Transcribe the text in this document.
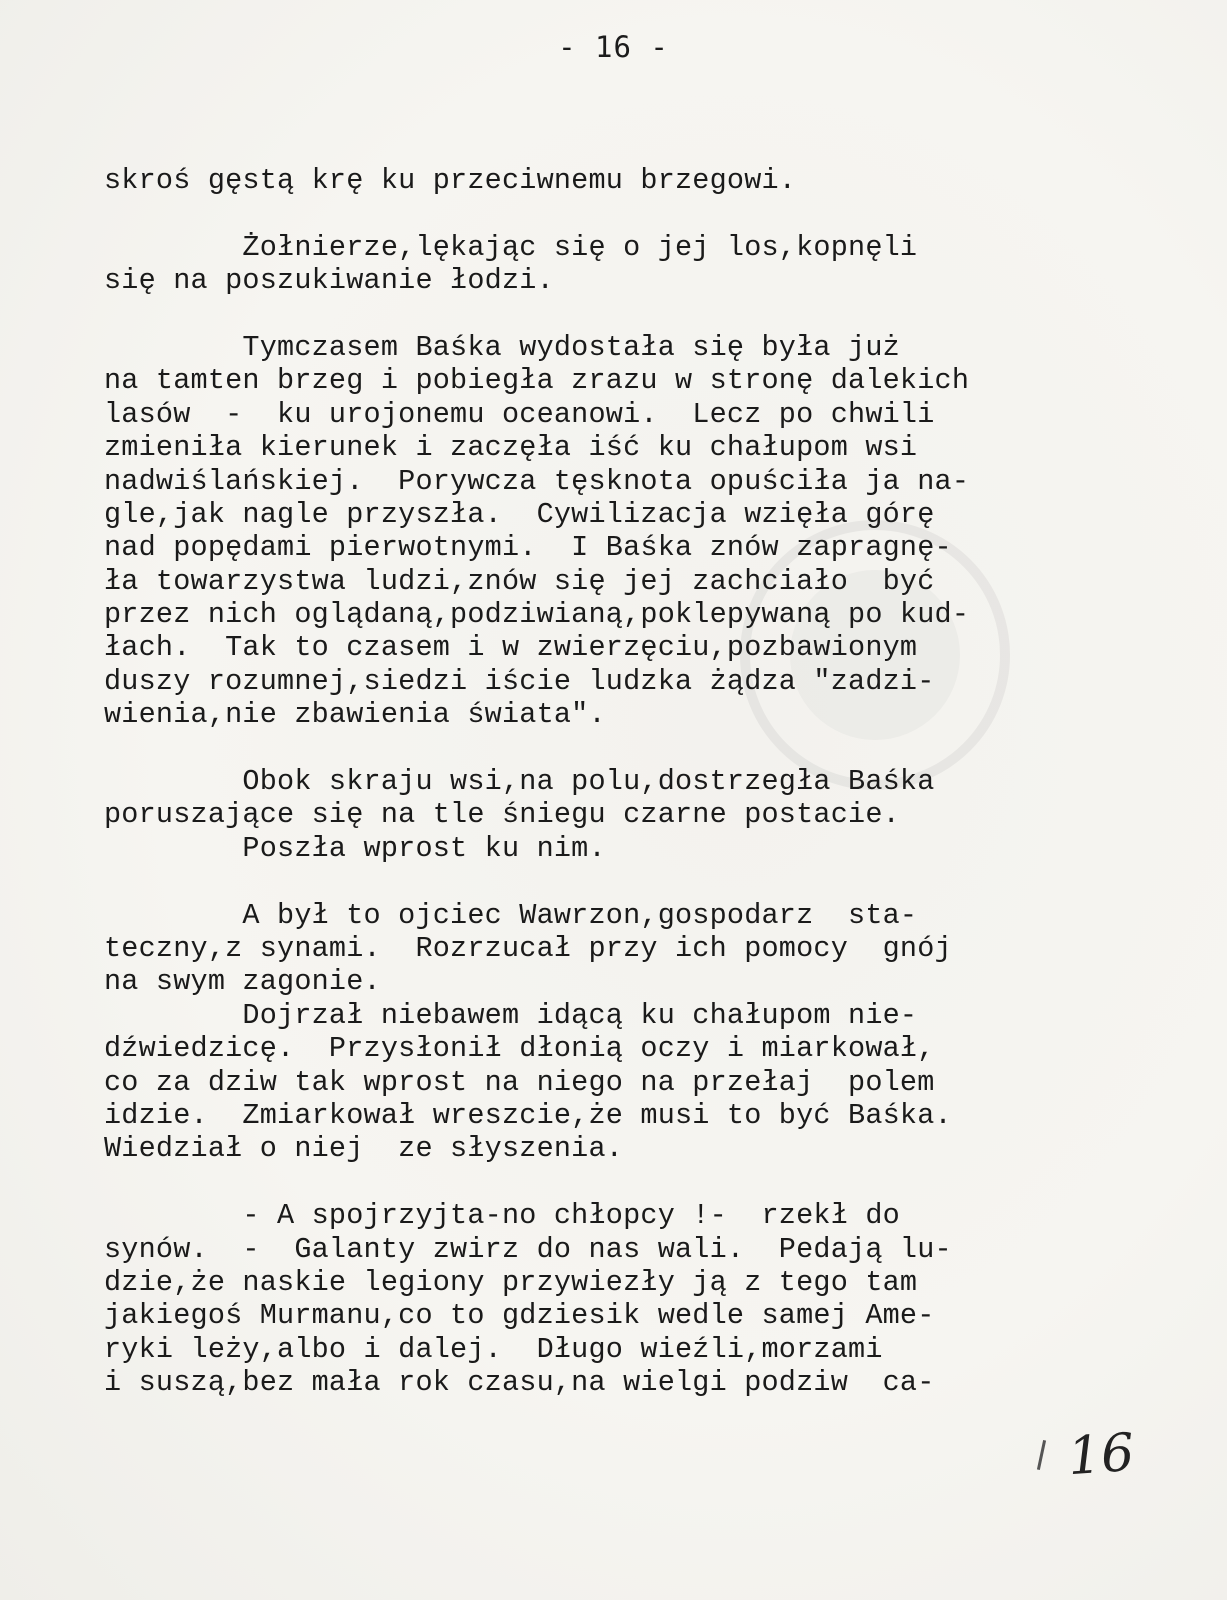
- 16 -
skroś gęstą krę ku przeciwnemu brzegowi.
Żołnierze,lękając się o jej los,kopnęli
się na poszukiwanie łodzi.
Tymczasem Baśka wydostała się była już
na tamten brzeg i pobiegła zrazu w stronę dalekich
lasów  -  ku urojonemu oceanowi.  Lecz po chwili
zmieniła kierunek i zaczęła iść ku chałupom wsi
nadwiślańskiej.  Porywcza tęsknota opuściła ja na-
gle,jak nagle przyszła.  Cywilizacja wzięła górę
nad popędami pierwotnymi.  I Baśka znów zapragnę-
ła towarzystwa ludzi,znów się jej zachciało  być
przez nich oglądaną,podziwianą,poklepywaną po kud-
łach.  Tak to czasem i w zwierzęciu,pozbawionym
duszy rozumnej,siedzi iście ludzka żądza "zadzi-
wienia,nie zbawienia świata".
Obok skraju wsi,na polu,dostrzegła Baśka
poruszające się na tle śniegu czarne postacie.
Poszła wprost ku nim.
A był to ojciec Wawrzon,gospodarz  sta-
teczny,z synami.  Rozrzucał przy ich pomocy  gnój
na swym zagonie.
Dojrzał niebawem idącą ku chałupom nie-
dźwiedzicę.  Przysłonił dłonią oczy i miarkował,
co za dziw tak wprost na niego na przełaj  polem
idzie.  Zmiarkował wreszcie,że musi to być Baśka.
Wiedział o niej  ze słyszenia.
- A spojrzyjta-no chłopcy !-  rzekł do
synów.  -  Galanty zwirz do nas wali.  Pedają lu-
dzie,że naskie legiony przywiezły ją z tego tam
jakiegoś Murmanu,co to gdziesik wedle samej Ame-
ryki leży,albo i dalej.  Długo wieźli,morzami
i suszą,bez mała rok czasu,na wielgi podziw  ca-
16
